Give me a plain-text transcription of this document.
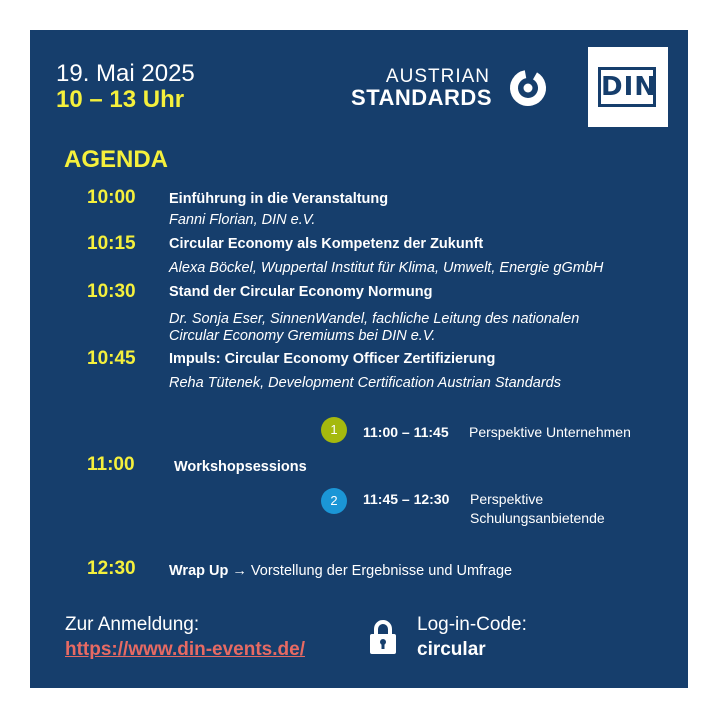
19. Mai 2025
10 – 13 Uhr
AUSTRIAN
STANDARDS	DIN
AGENDA
10:00 Einführung in die Veranstaltung
Fanni Florian, DIN e.V.
10:15 Circular Economy als Kompetenz der Zukunft
Alexa Böckel, Wuppertal Institut für Klima, Umwelt, Energie gGmbH
10:30 Stand der Circular Economy Normung
Dr. Sonja Eser, SinnenWandel, fachliche Leitung des nationalen
Circular Economy Gremiums bei DIN e.V.
10:45 Impuls: Circular Economy Officer Zertifizierung
Reha Tütenek, Development Certification Austrian Standards
1	11:00 – 11:45 Perspektive Unternehmen
11:00	Workshopsessions
2	11:45 – 12:30 Perspektive
Schulungsanbietende
12:30 Wrap Up → Vorstellung der Ergebnisse und Umfrage
Zur Anmeldung:
https://www.din-events.de/
Log-in-Code:
circular
